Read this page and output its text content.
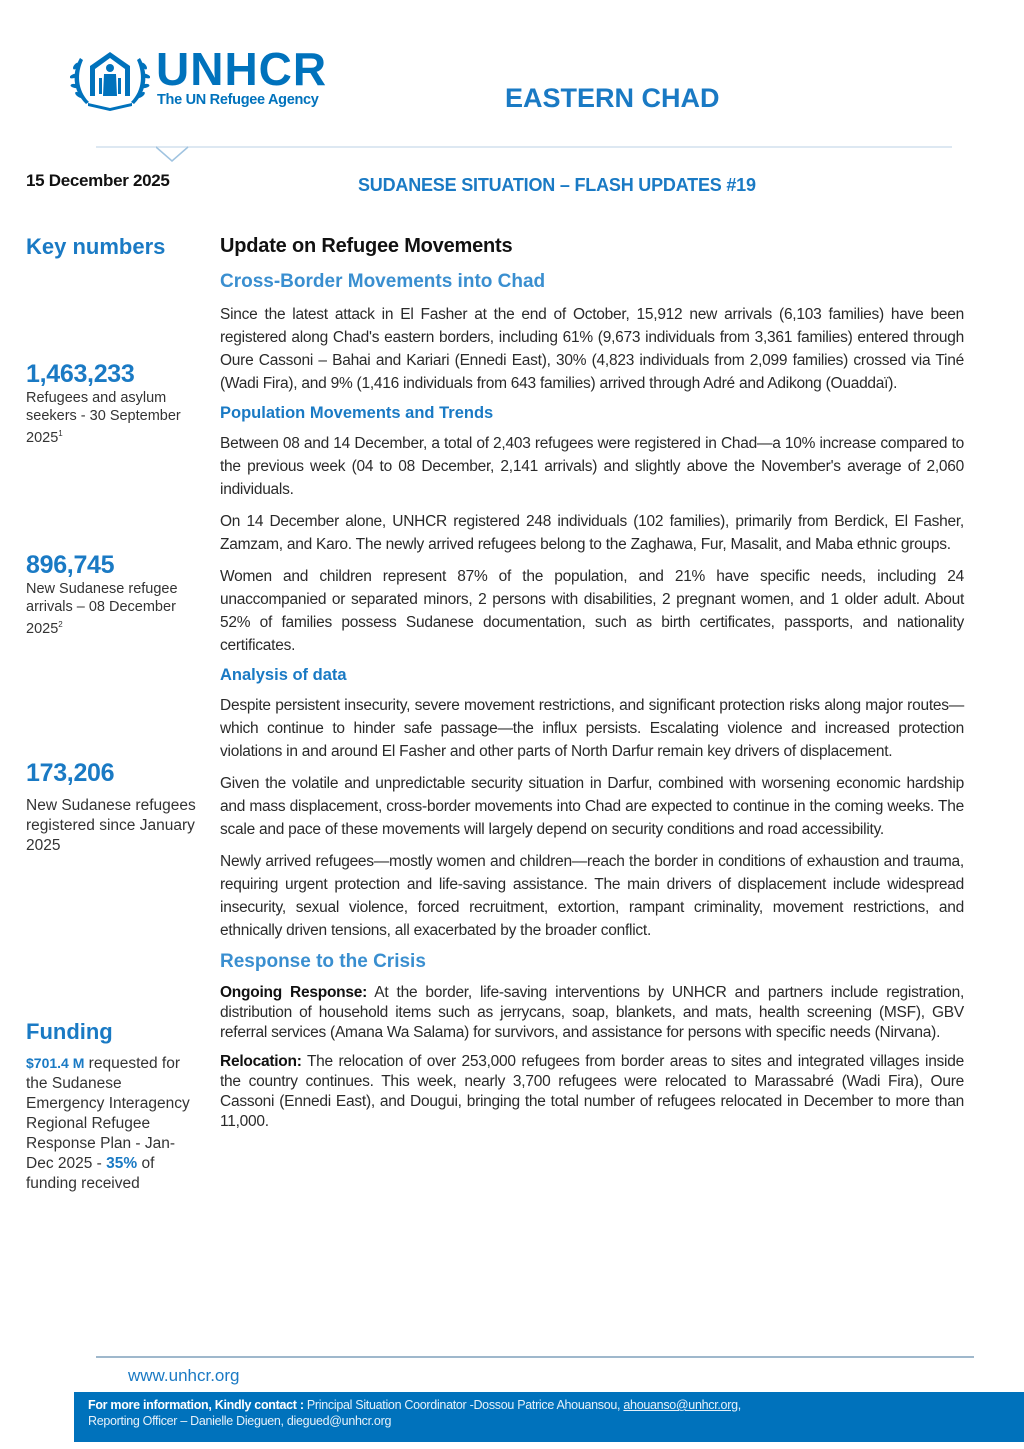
UNHCR
The UN Refugee Agency	EASTERN CHAD
15 December 2025	SUDANESE SITUATION – FLASH UPDATES #19
Key numbers
1,463,233
Refugees and asylum seekers - 30 September 2025$^1$
896,745
New Sudanese refugee arrivals – 08 December 2025$^2$
173,206
New Sudanese refugees registered since January 2025
Funding
$701.4 M requested for the Sudanese Emergency Interagency Regional Refugee Response Plan - Jan- Dec 2025 - 35% of funding received
Update on Refugee Movements
Cross-Border Movements into Chad

Since the latest attack in El Fasher at the end of October, 15,912 new arrivals (6,103 families) have been registered along Chad's eastern borders, including 61% (9,673 individuals from 3,361 families) entered through Oure Cassoni – Bahai and Kariari (Ennedi East), 30% (4,823 individuals from 2,099 families) crossed via Tiné (Wadi Fira), and 9% (1,416 individuals from 643 families) arrived through Adré and Adikong (Ouaddaï).

Population Movements and Trends

Between 08 and 14 December, a total of 2,403 refugees were registered in Chad—a 10% increase compared to the previous week (04 to 08 December, 2,141 arrivals) and slightly above the November's average of 2,060 individuals.

On 14 December alone, UNHCR registered 248 individuals (102 families), primarily from Berdick, El Fasher, Zamzam, and Karo. The newly arrived refugees belong to the Zaghawa, Fur, Masalit, and Maba ethnic groups.

Women and children represent 87% of the population, and 21% have specific needs, including 24 unaccompanied or separated minors, 2 persons with disabilities, 2 pregnant women, and 1 older adult. About 52% of families possess Sudanese documentation, such as birth certificates, passports, and nationality certificates.

Analysis of data

Despite persistent insecurity, severe movement restrictions, and significant protection risks along major routes—which continue to hinder safe passage—the influx persists. Escalating violence and increased protection violations in and around El Fasher and other parts of North Darfur remain key drivers of displacement.

Given the volatile and unpredictable security situation in Darfur, combined with worsening economic hardship and mass displacement, cross-border movements into Chad are expected to continue in the coming weeks. The scale and pace of these movements will largely depend on security conditions and road accessibility.

Newly arrived refugees—mostly women and children—reach the border in conditions of exhaustion and trauma, requiring urgent protection and life-saving assistance. The main drivers of displacement include widespread insecurity, sexual violence, forced recruitment, extortion, rampant criminality, movement restrictions, and ethnically driven tensions, all exacerbated by the broader conflict.

Response to the Crisis

Ongoing Response: At the border, life-saving interventions by UNHCR and partners include registration, distribution of household items such as jerrycans, soap, blankets, and mats, health screening (MSF), GBV referral services (Amana Wa Salama) for survivors, and assistance for persons with specific needs (Nirvana).

Relocation: The relocation of over 253,000 refugees from border areas to sites and integrated villages inside the country continues. This week, nearly 3,700 refugees were relocated to Marassabré (Wadi Fira), Oure Cassoni (Ennedi East), and Dougui, bringing the total number of refugees relocated in December to more than 11,000.

www.unhcr.org
For more information, Kindly contact : Principal Situation Coordinator -Dossou Patrice Ahouansou, ahouanso@unhcr.org,
Reporting Officer – Danielle Dieguen, diegued@unhcr.org
